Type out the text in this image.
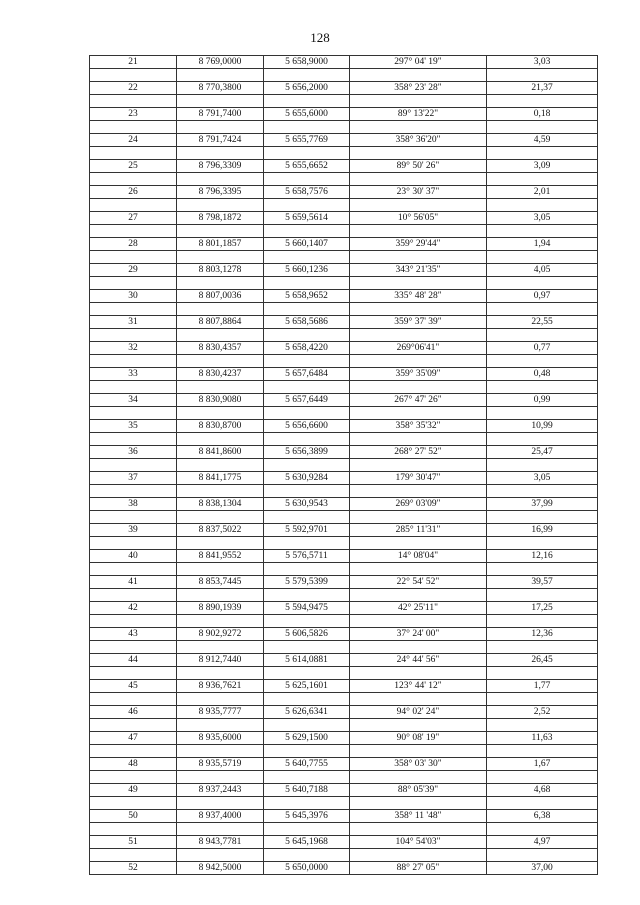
128
21	8 769,0000	5 658,9000	297° 04' 19"	3,03

22	8 770,3800	5 656,2000	358° 23' 28"	21,37

23	8 791,7400	5 655,6000	89° 13'22"	0,18

24	8 791,7424	5 655,7769	358° 36'20"	4,59

25	8 796,3309	5 655,6652	89° 50' 26"	3,09

26	8 796,3395	5 658,7576	23° 30' 37"	2,01

27	8 798,1872	5 659,5614	10° 56'05"	3,05

28	8 801,1857	5 660,1407	359° 29'44"	1,94

29	8 803,1278	5 660,1236	343° 21'35"	4,05

30	8 807,0036	5 658,9652	335° 48' 28"	0,97

31	8 807,8864	5 658,5686	359° 37' 39"	22,55

32	8 830,4357	5 658,4220	269°06'41"	0,77

33	8 830,4237	5 657,6484	359° 35'09"	0,48

34	8 830,9080	5 657,6449	267° 47' 26"	0,99

35	8 830,8700	5 656,6600	358° 35'32"	10,99

36	8 841,8600	5 656,3899	268° 27' 52"	25,47

37	8 841,1775	5 630,9284	179° 30'47"	3,05

38	8 838,1304	5 630,9543	269° 03'09"	37,99

39	8 837,5022	5 592,9701	285° 11'31"	16,99

40	8 841,9552	5 576,5711	14° 08'04"	12,16

41	8 853,7445	5 579,5399	22° 54' 52"	39,57

42	8 890,1939	5 594,9475	42° 25'11"	17,25

43	8 902,9272	5 606,5826	37° 24' 00"	12,36

44	8 912,7440	5 614,0881	24° 44' 56"	26,45

45	8 936,7621	5 625,1601	123° 44' 12"	1,77

46	8 935,7777	5 626,6341	94° 02' 24"	2,52

47	8 935,6000	5 629,1500	90° 08' 19"	11,63

48	8 935,5719	5 640,7755	358° 03' 30"	1,67

49	8 937,2443	5 640,7188	88° 05'39"	4,68

50	8 937,4000	5 645,3976	358° 11 '48"	6,38

51	8 943,7781	5 645,1968	104° 54'03"	4,97

52	8 942,5000	5 650,0000	88° 27' 05"	37,00
